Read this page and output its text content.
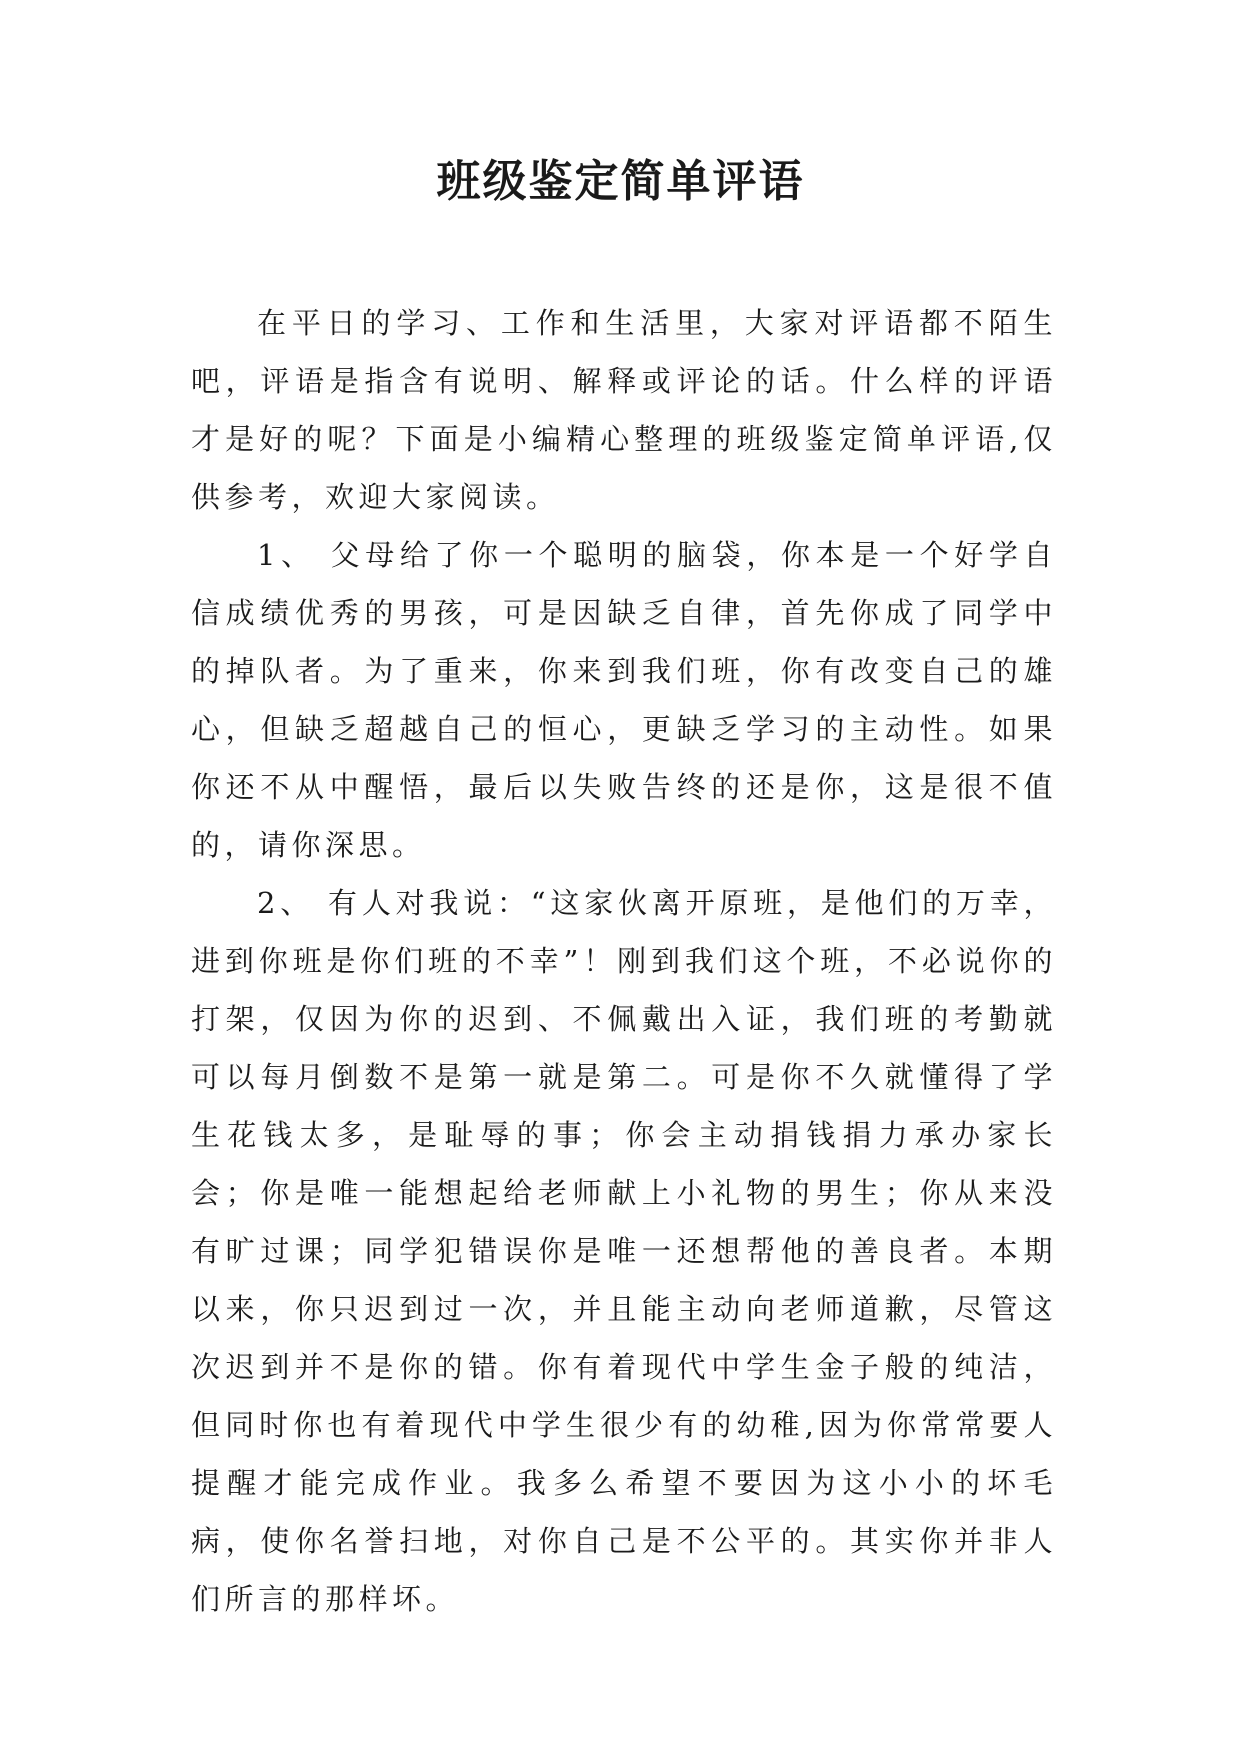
班级鉴定简单评语

在平日的学习、工作和生活里，大家对评语都不陌生吧，评语是指含有说明、解释或评论的话。什么样的评语才是好的呢？下面是小编精心整理的班级鉴定简单评语,仅供参考，欢迎大家阅读。

1、 父母给了你一个聪明的脑袋，你本是一个好学自信成绩优秀的男孩，可是因缺乏自律，首先你成了同学中的掉队者。为了重来，你来到我们班，你有改变自己的雄心，但缺乏超越自己的恒心，更缺乏学习的主动性。如果你还不从中醒悟，最后以失败告终的还是你，这是很不值的，请你深思。

2、 有人对我说：“这家伙离开原班，是他们的万幸，进到你班是你们班的不幸”！刚到我们这个班，不必说你的打架，仅因为你的迟到、不佩戴出入证，我们班的考勤就可以每月倒数不是第一就是第二。可是你不久就懂得了学生花钱太多，是耻辱的事；你会主动捐钱捐力承办家长会；你是唯一能想起给老师献上小礼物的男生；你从来没有旷过课；同学犯错误你是唯一还想帮他的善良者。本期以来，你只迟到过一次，并且能主动向老师道歉，尽管这次迟到并不是你的错。你有着现代中学生金子般的纯洁，但同时你也有着现代中学生很少有的幼稚,因为你常常要人提醒才能完成作业。我多么希望不要因为这小小的坏毛病，使你名誉扫地，对你自己是不公平的。其实你并非人们所言的那样坏。
